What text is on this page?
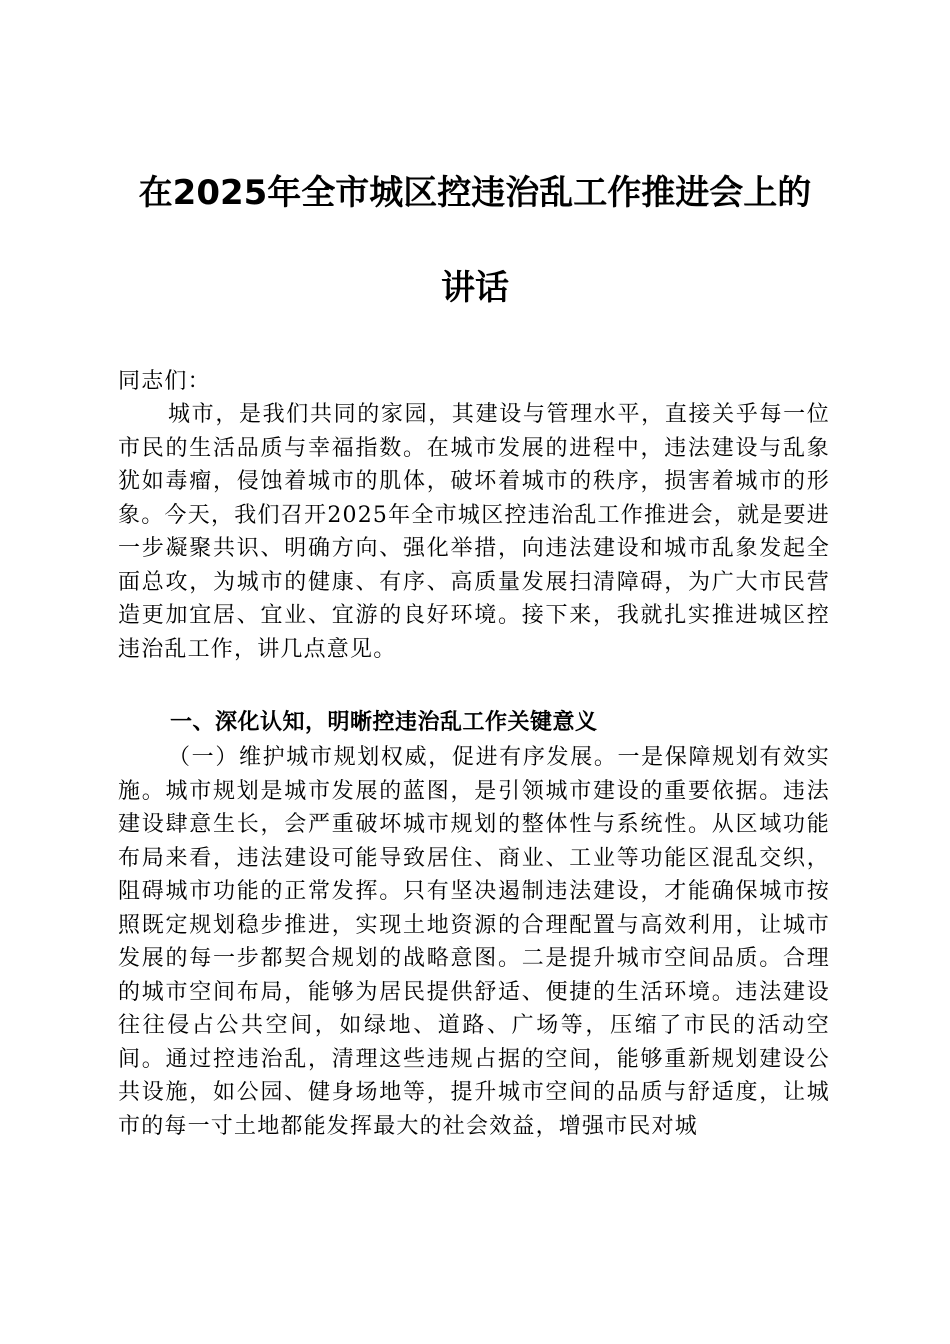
在2025年全市城区控违治乱工作推进会上的
讲话
同志们：
城市，是我们共同的家园，其建设与管理水平，直接关乎每一位市民的生活品质与幸福指数。在城市发展的进程中，违法建设与乱象犹如毒瘤，侵蚀着城市的肌体，破坏着城市的秩序，损害着城市的形象。今天，我们召开2025年全市城区控违治乱工作推进会，就是要进一步凝聚共识、明确方向、强化举措，向违法建设和城市乱象发起全面总攻，为城市的健康、有序、高质量发展扫清障碍，为广大市民营造更加宜居、宜业、宜游的良好环境。接下来，我就扎实推进城区控违治乱工作，讲几点意见。
一、深化认知，明晰控违治乱工作关键意义
（一）维护城市规划权威，促进有序发展。一是保障规划有效实施。城市规划是城市发展的蓝图，是引领城市建设的重要依据。违法建设肆意生长，会严重破坏城市规划的整体性与系统性。从区域功能布局来看，违法建设可能导致居住、商业、工业等功能区混乱交织，阻碍城市功能的正常发挥。只有坚决遏制违法建设，才能确保城市按照既定规划稳步推进，实现土地资源的合理配置与高效利用，让城市发展的每一步都契合规划的战略意图。二是提升城市空间品质。合理的城市空间布局，能够为居民提供舒适、便捷的生活环境。违法建设往往侵占公共空间，如绿地、道路、广场等，压缩了市民的活动空间。通过控违治乱，清理这些违规占据的空间，能够重新规划建设公共设施，如公园、健身场地等，提升城市空间的品质与舒适度，让城市的每一寸土地都能发挥最大的社会效益，增强市民对城
